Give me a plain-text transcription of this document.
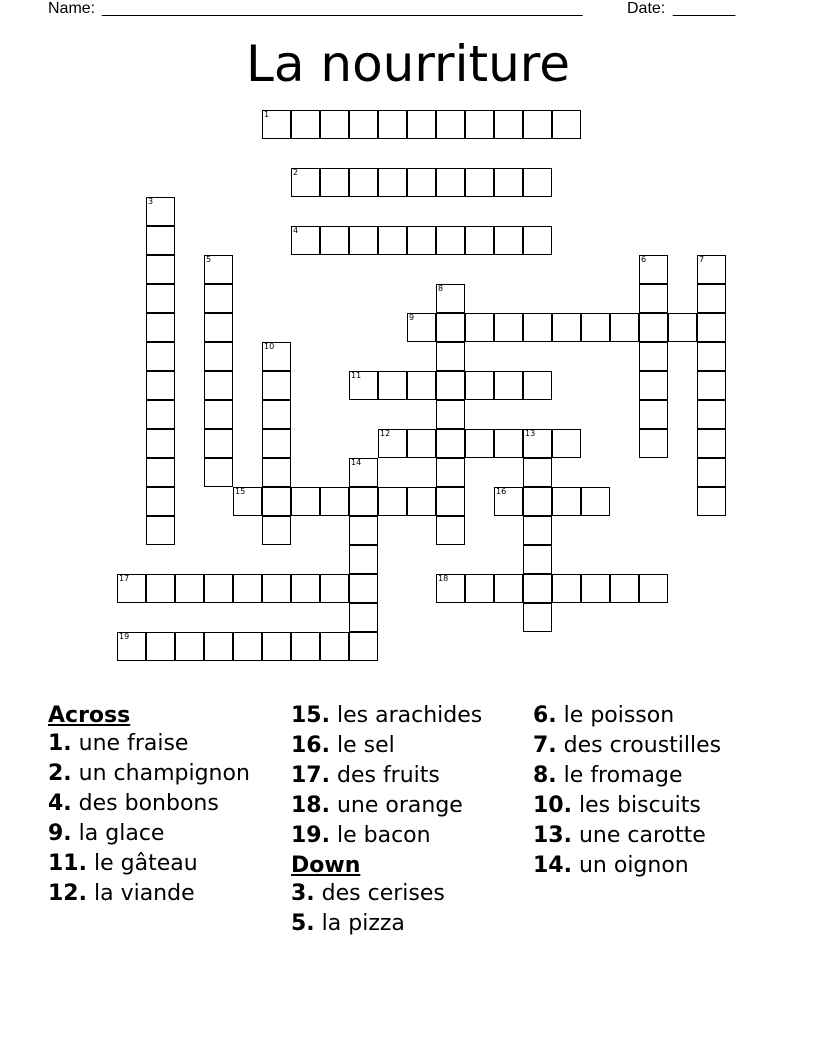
Name: ______________________________________________________	Date: _______
La nourriture
1
2
3
4
5	6	7
8
9
10
11
12	13
14
15	16
17	18
19
Across
1. une fraise
2. un champignon
4. des bonbons
9. la glace
11. le gâteau
12. la viande
15. les arachides
16. le sel
17. des fruits
18. une orange
19. le bacon
Down
3. des cerises
5. la pizza
6. le poisson
7. des croustilles
8. le fromage
10. les biscuits
13. une carotte
14. un oignon
